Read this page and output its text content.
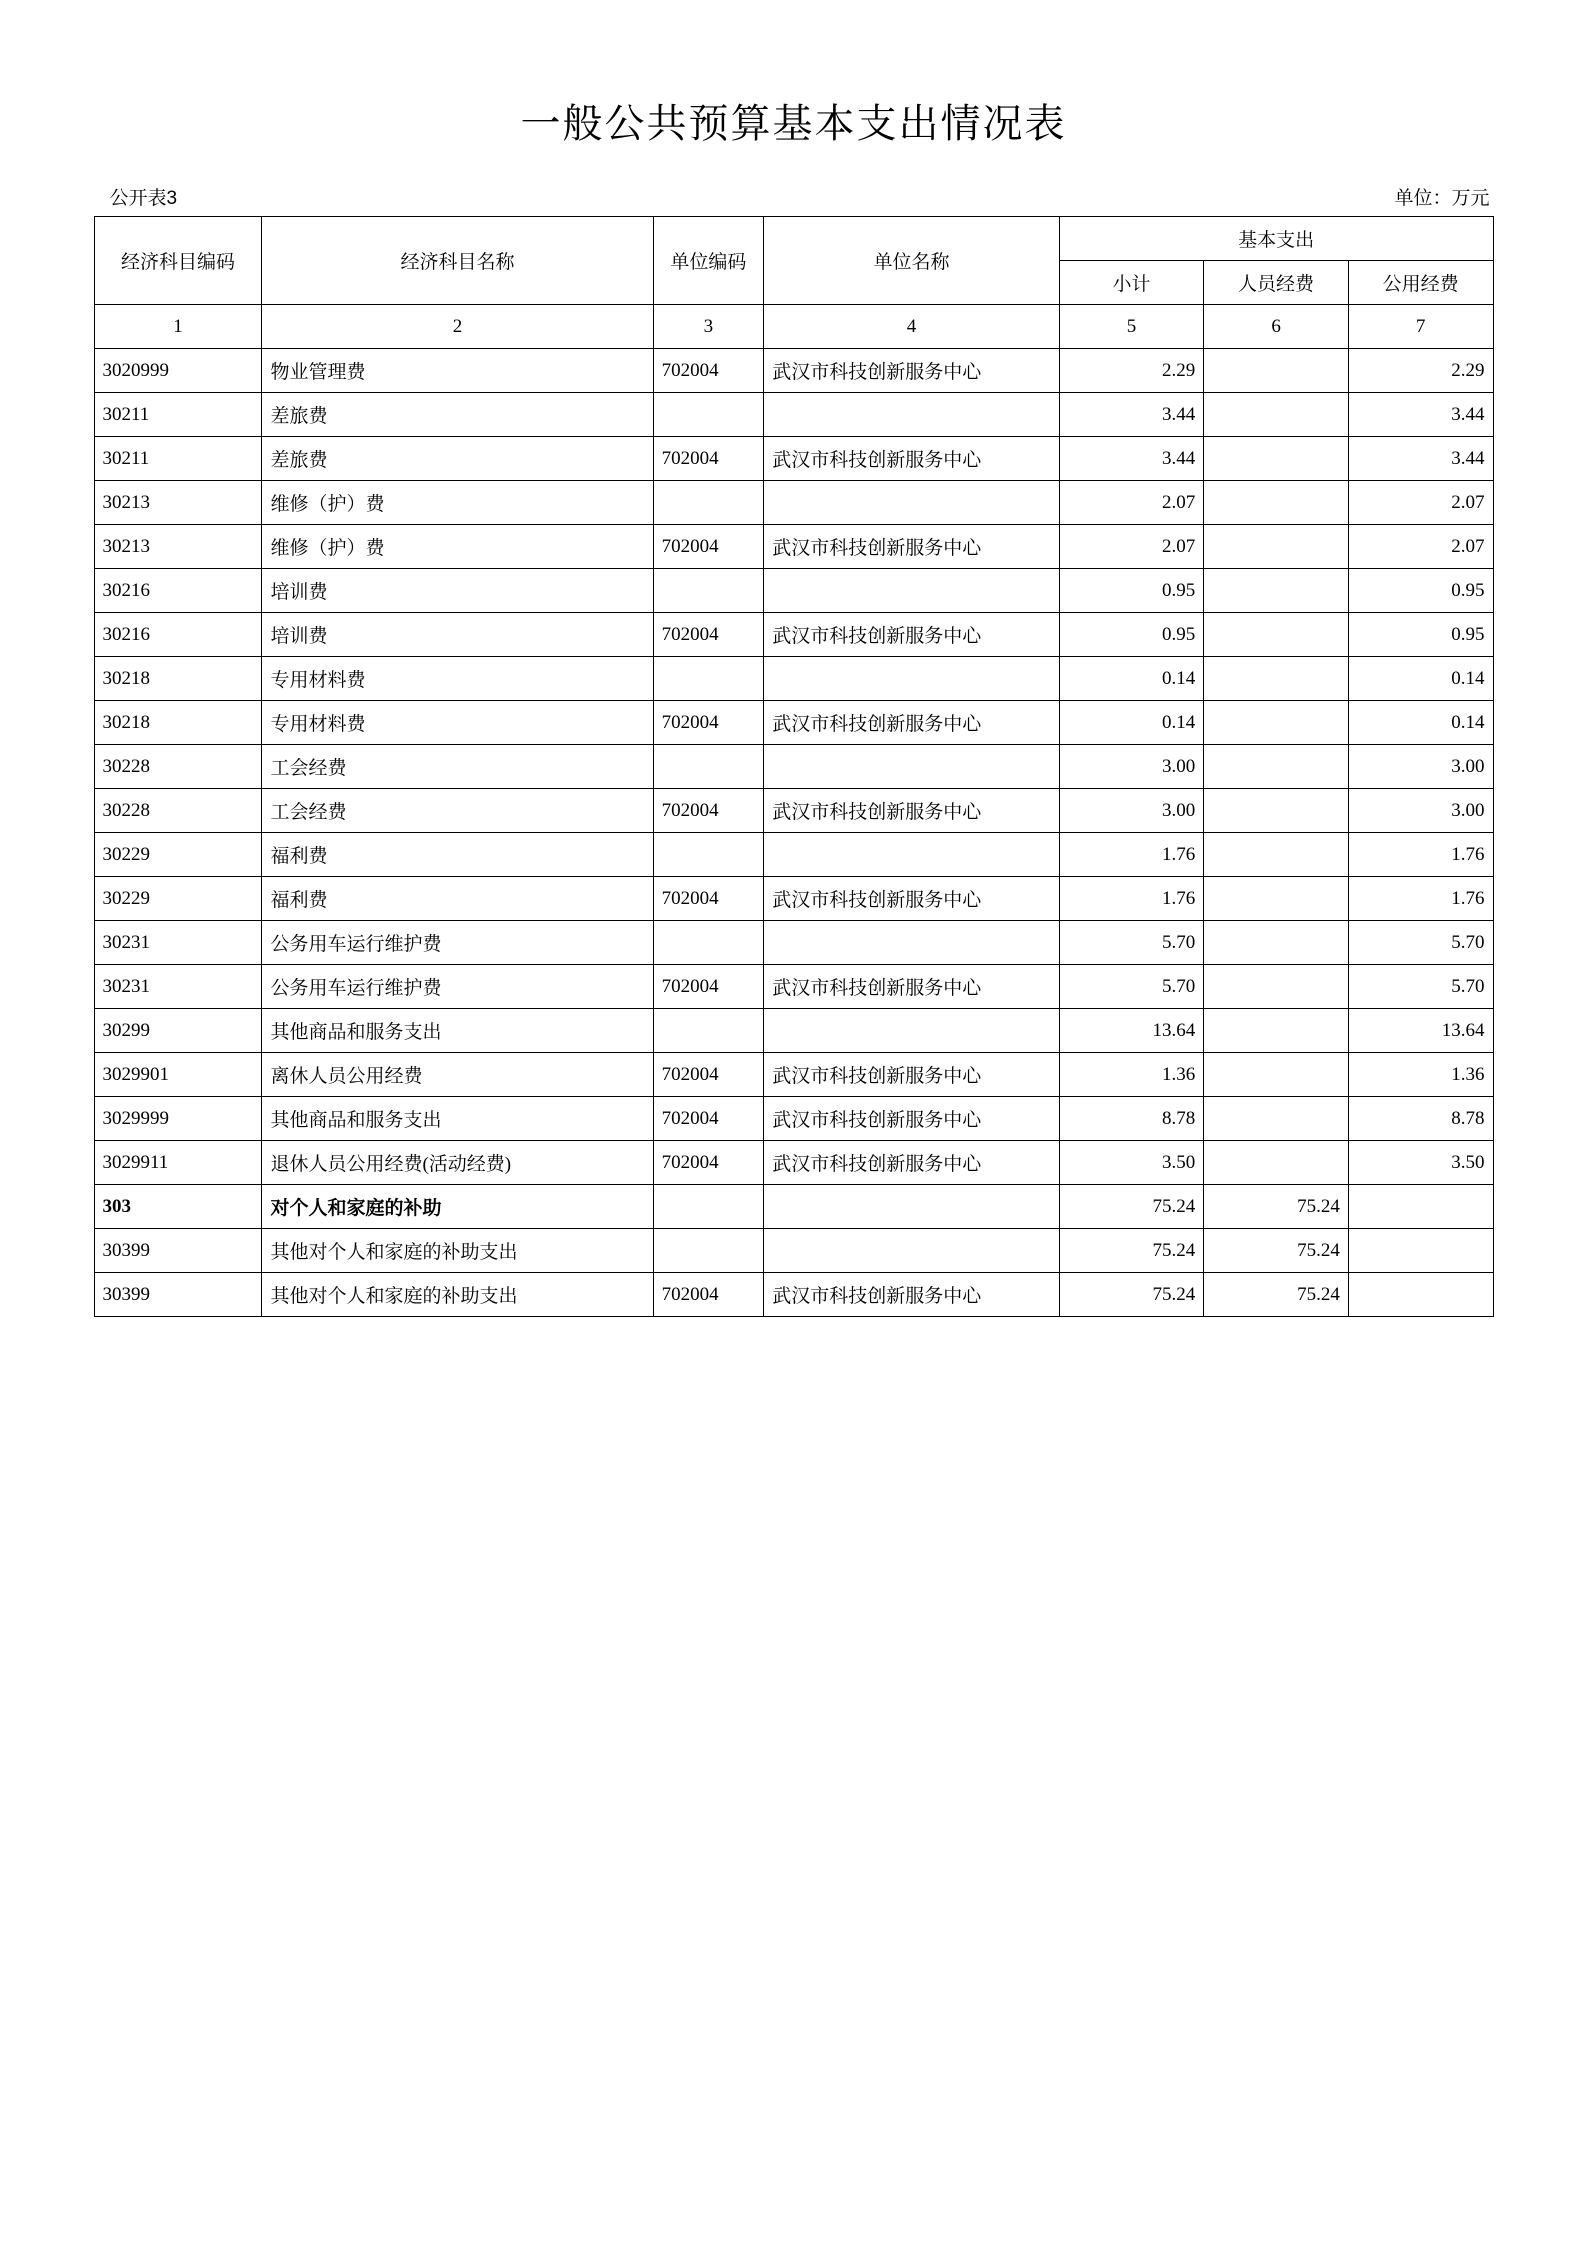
一般公共预算基本支出情况表
公开表3	单位：万元
经济科目编码	经济科目名称	单位编码	单位名称	基本支出		
				小计	人员经费	公用经费
1	2	3	4	5	6	7
3020999	物业管理费	702004	武汉市科技创新服务中心	2.29		2.29
30211	差旅费			3.44		3.44
30211	差旅费	702004	武汉市科技创新服务中心	3.44		3.44
30213	维修（护）费			2.07		2.07
30213	维修（护）费	702004	武汉市科技创新服务中心	2.07		2.07
30216	培训费			0.95		0.95
30216	培训费	702004	武汉市科技创新服务中心	0.95		0.95
30218	专用材料费			0.14		0.14
30218	专用材料费	702004	武汉市科技创新服务中心	0.14		0.14
30228	工会经费			3.00		3.00
30228	工会经费	702004	武汉市科技创新服务中心	3.00		3.00
30229	福利费			1.76		1.76
30229	福利费	702004	武汉市科技创新服务中心	1.76		1.76
30231	公务用车运行维护费			5.70		5.70
30231	公务用车运行维护费	702004	武汉市科技创新服务中心	5.70		5.70
30299	其他商品和服务支出			13.64		13.64
3029901	离休人员公用经费	702004	武汉市科技创新服务中心	1.36		1.36
3029999	其他商品和服务支出	702004	武汉市科技创新服务中心	8.78		8.78
3029911	退休人员公用经费(活动经费)	702004	武汉市科技创新服务中心	3.50		3.50
303	对个人和家庭的补助			75.24	75.24	
30399	其他对个人和家庭的补助支出			75.24	75.24	
30399	其他对个人和家庭的补助支出	702004	武汉市科技创新服务中心	75.24	75.24	
